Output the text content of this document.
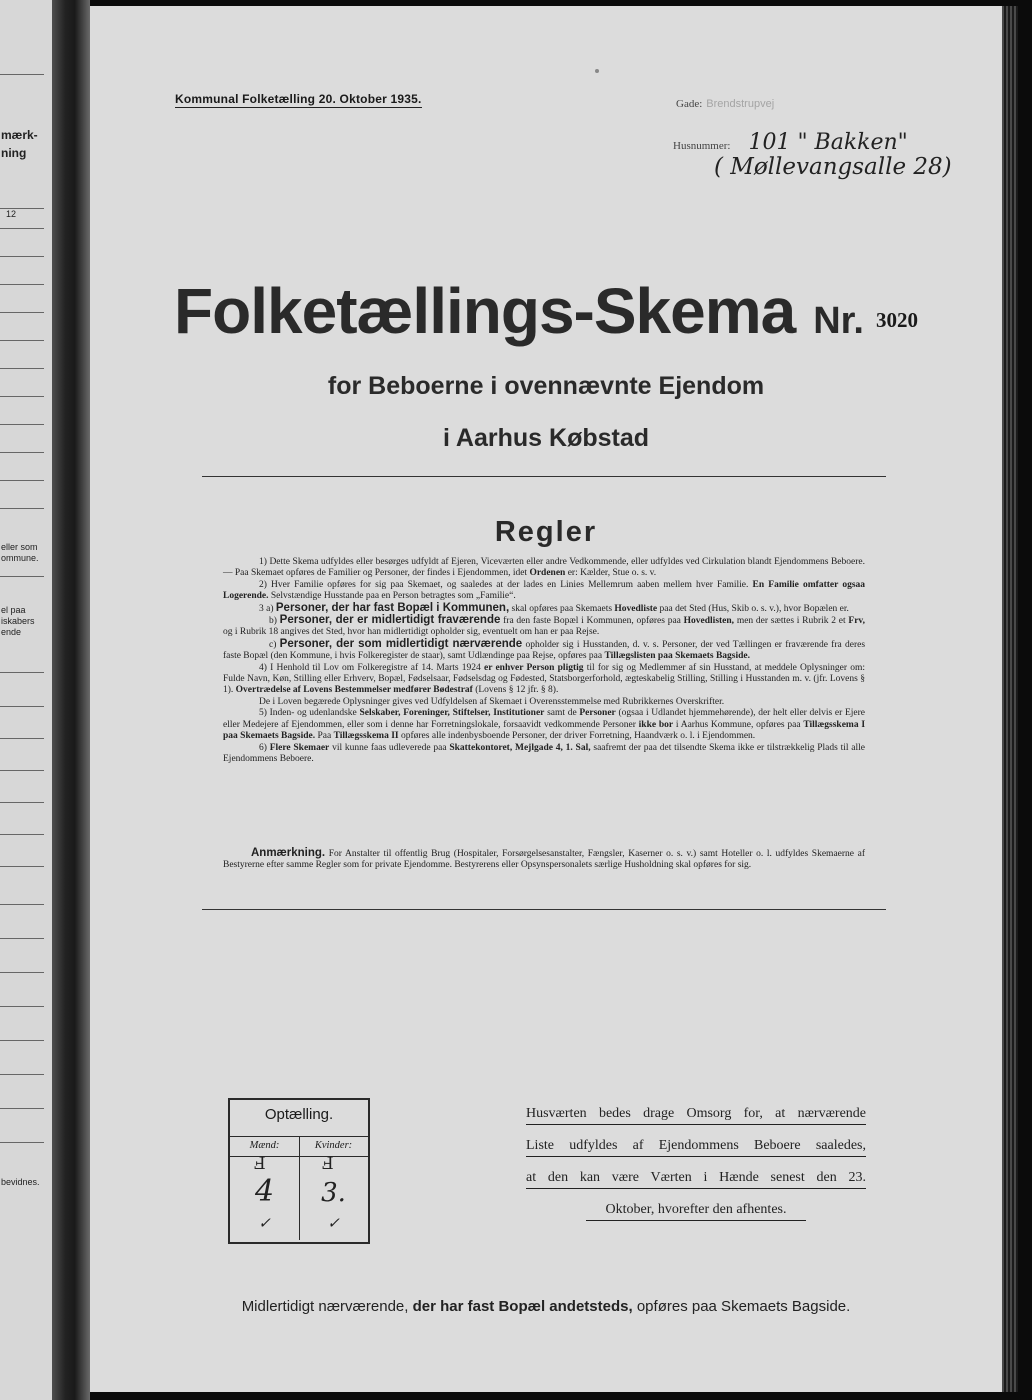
mærk-
ning
12
eller som
ommune.
el paa
iskabers
ende
bevidnes.
Kommunal Folketælling 20. Oktober 1935.	Gade: Brendstrupvej
Husnummer: 101 " Bakken"
( Møllevangsalle 28)
Folketællings-Skema Nr. 3020
for Beboerne i ovennævnte Ejendom
i Aarhus Købstad
Regler

1) Dette Skema udfyldes eller besørges udfyldt af Ejeren, Viceværten eller andre Vedkommende, eller udfyldes ved Cirkulation blandt Ejendommens Beboere. — Paa Skemaet opføres de Familier og Personer, der findes i Ejendommen, idet Ordenen er: Kælder, Stue o. s. v.

2) Hver Familie opføres for sig paa Skemaet, og saaledes at der lades en Linies Mellemrum aaben mellem hver Familie. En Familie omfatter ogsaa Logerende. Selvstændige Husstande paa en Person betragtes som „Familie“.

3 a) Personer, der har fast Bopæl i Kommunen, skal opføres paa Skemaets Hovedliste paa det Sted (Hus, Skib o. s. v.), hvor Bopælen er.

b) Personer, der er midlertidigt fraværende fra den faste Bopæl i Kommunen, opføres paa Hovedlisten, men der sættes i Rubrik 2 et Frv, og i Rubrik 18 angives det Sted, hvor han midlertidigt opholder sig, eventuelt om han er paa Rejse.

c) Personer, der som midlertidigt nærværende opholder sig i Husstanden, d. v. s. Personer, der ved Tællingen er fraværende fra deres faste Bopæl (den Kommune, i hvis Folkeregister de staar), samt Udlændinge paa Rejse, opføres paa Tillægslisten paa Skemaets Bagside.

4) I Henhold til Lov om Folkeregistre af 14. Marts 1924 er enhver Person pligtig til for sig og Medlemmer af sin Husstand, at meddele Oplysninger om: Fulde Navn, Køn, Stilling eller Erhverv, Bopæl, Fødselsaar, Fødselsdag og Fødested, Statsborgerforhold, ægteskabelig Stilling, Stilling i Husstanden m. v. (jfr. Lovens § 1). Overtrædelse af Lovens Bestemmelser medfører Bødestraf (Lovens § 12 jfr. § 8).

De i Loven begærede Oplysninger gives ved Udfyldelsen af Skemaet i Overensstemmelse med Rubrikkernes Overskrifter.

5) Inden- og udenlandske Selskaber, Foreninger, Stiftelser, Institutioner samt de Personer (ogsaa i Udlandet hjemmehørende), der helt eller delvis er Ejere eller Medejere af Ejendommen, eller som i denne har Forretningslokale, forsaavidt vedkommende Personer ikke bor i Aarhus Kommune, opføres paa Tillægsskema I paa Skemaets Bagside. Paa Tillægsskema II opføres alle indenbysboende Personer, der driver Forretning, Haandværk o. l. i Ejendommen.

6) Flere Skemaer vil kunne faas udleverede paa Skattekontoret, Mejlgade 4, 1. Sal, saafremt der paa det tilsendte Skema ikke er tilstrækkelig Plads til alle Ejendommens Beboere.

Anmærkning. For Anstalter til offentlig Brug (Hospitaler, Forsørgelsesanstalter, Fængsler, Kaserner o. s. v.) samt Hoteller o. l. udfyldes Skemaerne af Bestyrerne efter samme Regler som for private Ejendomme. Bestyrerens eller Opsynspersonalets særlige Husholdning skal opføres for sig.

Optælling.
Mænd:	Kvinder:
Ⅎ	Ⅎ
4	3.
✓	✓
Husværten bedes drage Omsorg for, at nærværende
Liste udfyldes af Ejendommens Beboere saaledes,
at den kan være Værten i Hænde senest den 23.
Oktober, hvorefter den afhentes.
Midlertidigt nærværende, der har fast Bopæl andetsteds, opføres paa Skemaets Bagside.
